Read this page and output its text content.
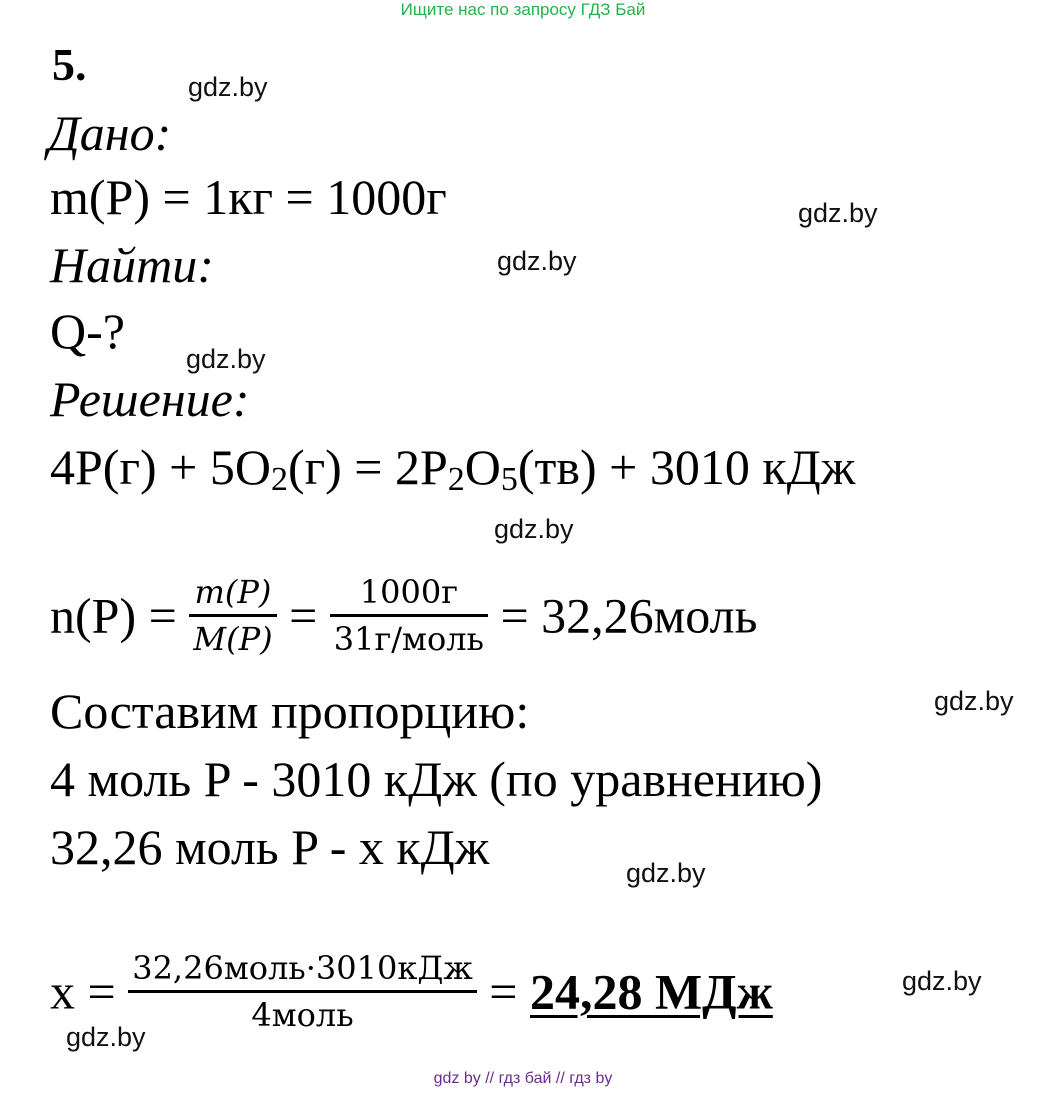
Ищите нас по запросу ГДЗ Бай
5.
Дано:
m(P) = 1кг = 1000г
Найти:
Q-?
Решение:
4P(г) + 5O2(г) = 2P2O5(тв) + 3010 кДж
$n(P) = \frac{m(P)}{M(P)} = \frac{1000г}{\text{31г/моль}}$ = 32,26моль
Составим пропорцию:
4 моль P - 3010 кДж (по уравнению)
32,26 моль P - x кДж
$x = \frac{\text{32,26моль·3010кДж}}{\text{4моль}} = 24,28$ МДж
gdz.by
gdz.by
gdz.by
gdz.by
gdz.by
gdz.by
gdz.by
gdz.by
gdz.by
gdz by // гдз бай // гдз by
